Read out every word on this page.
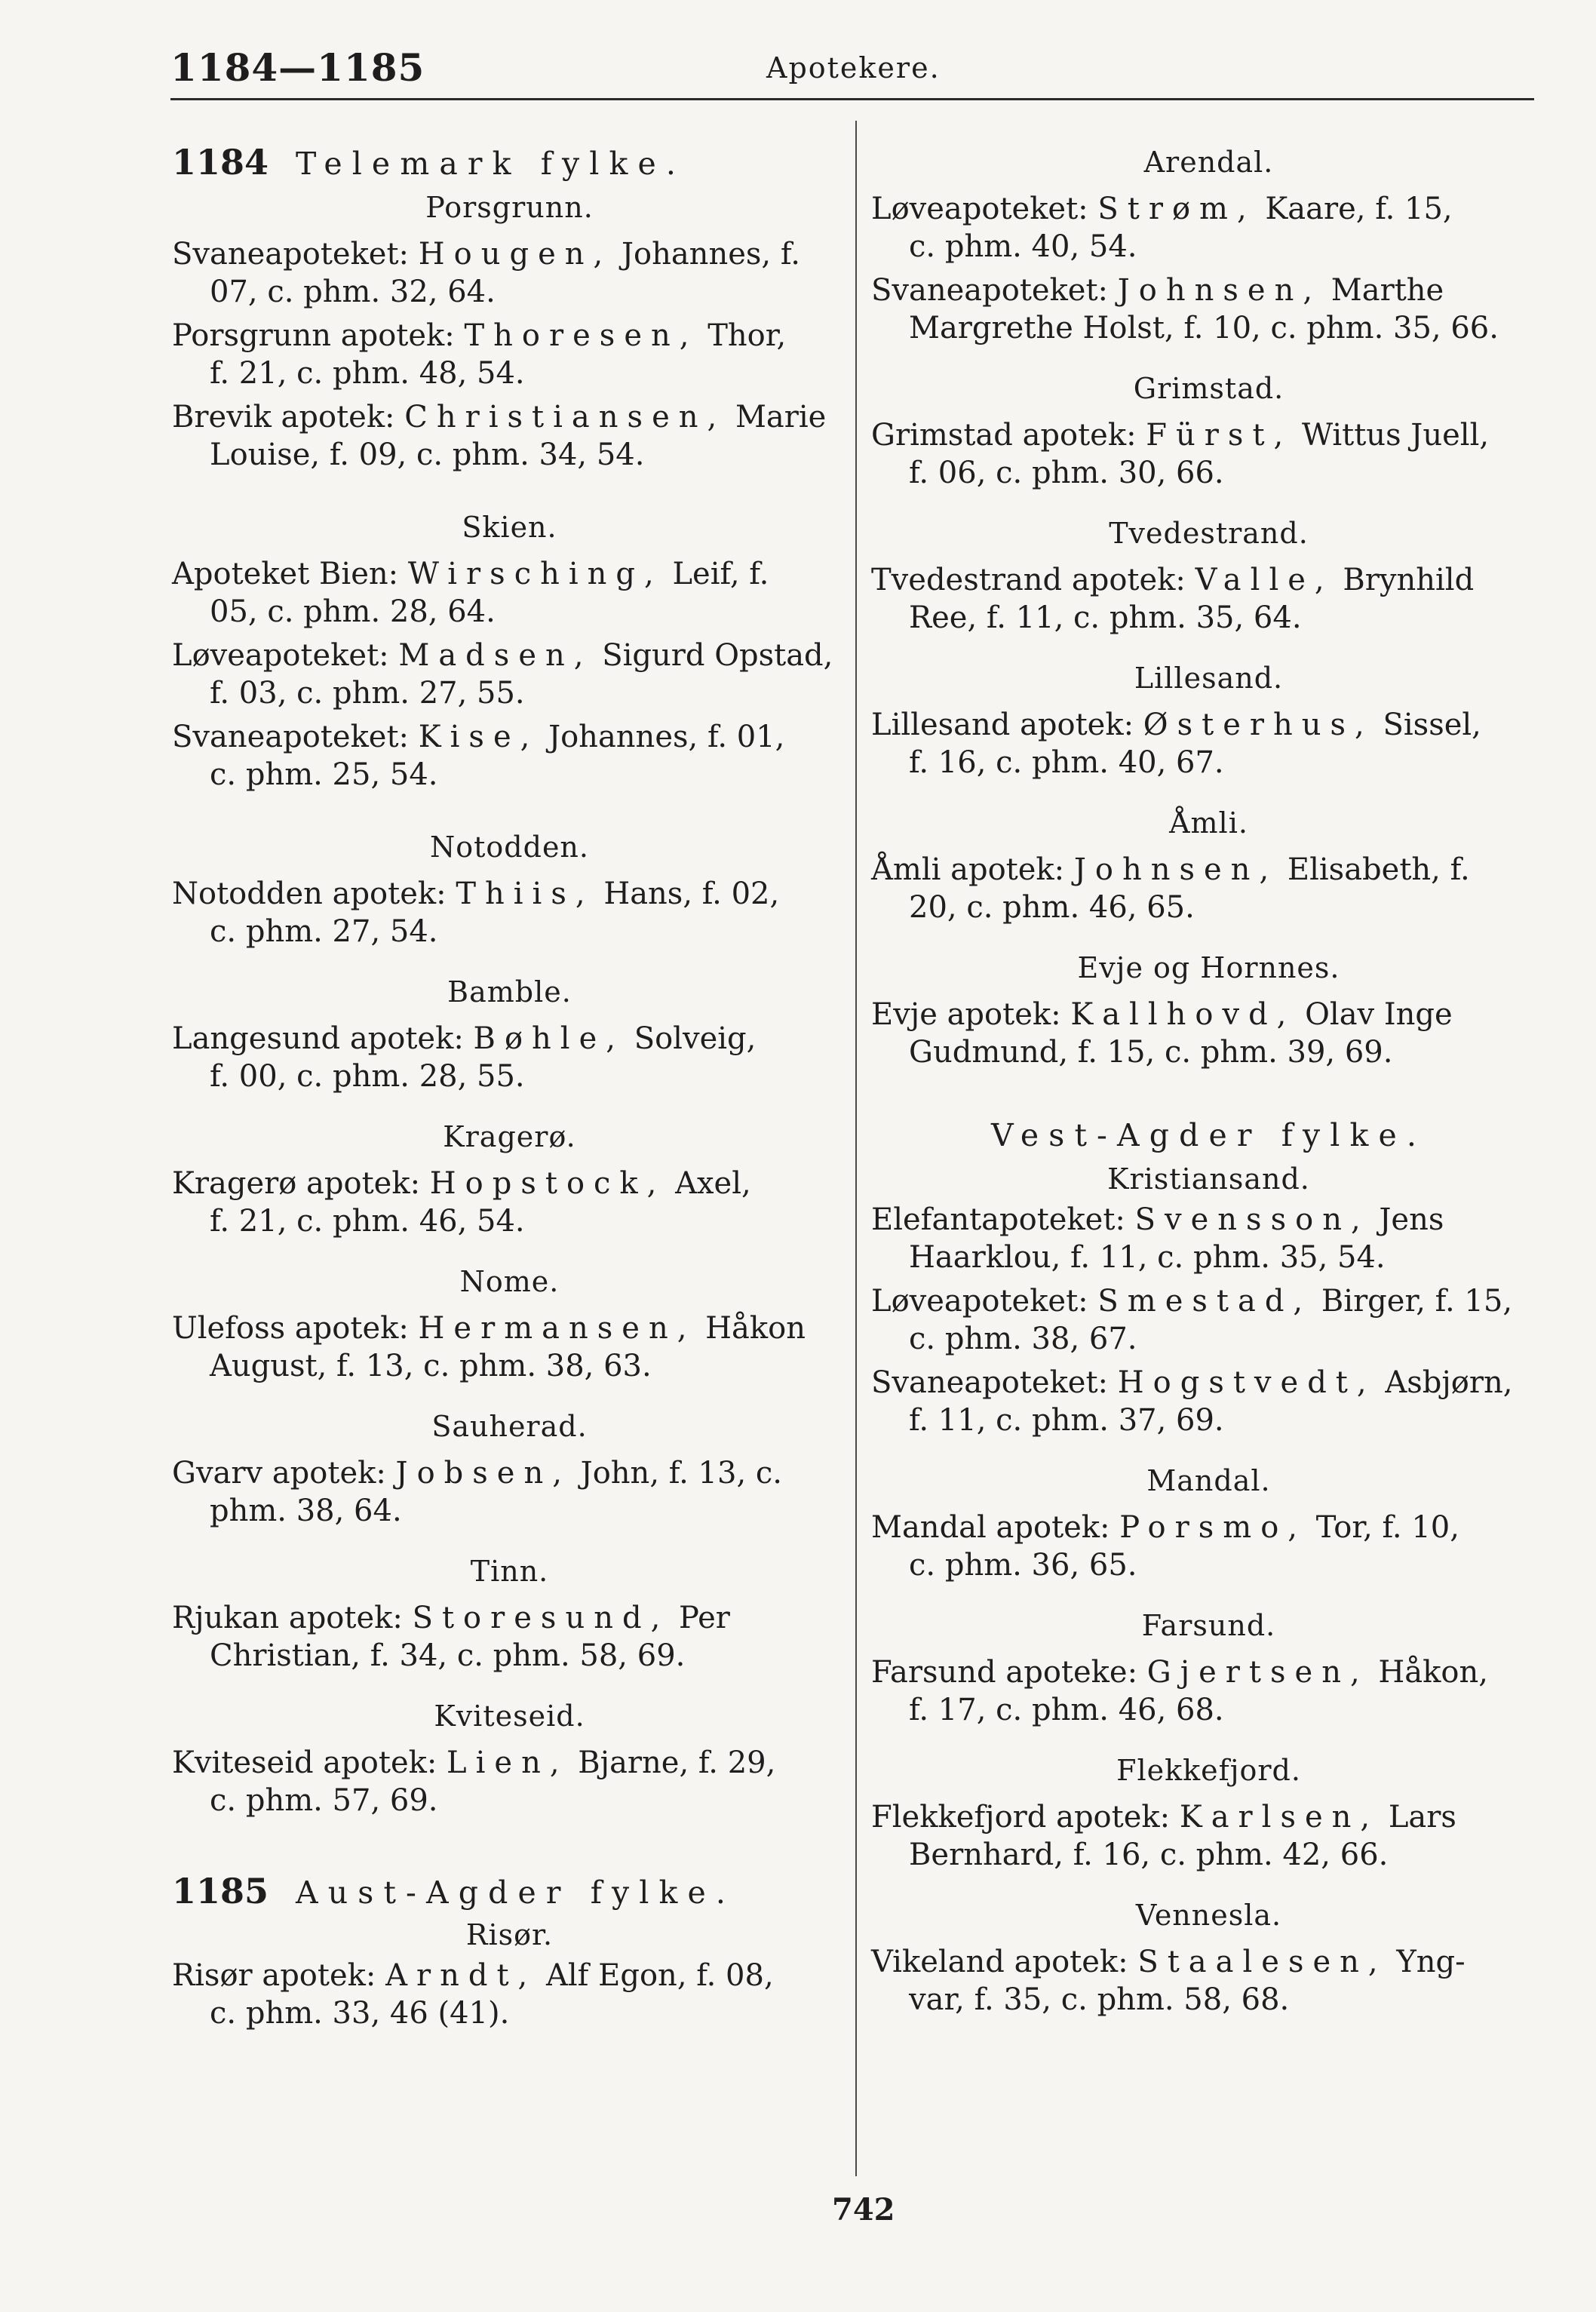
1184—1185	Apotekere.
1184 Telemark fylke.
Porsgrunn.
Svaneapoteket: Hougen, Johannes, f.
07, c. phm. 32, 64.
Porsgrunn apotek: Thoresen, Thor,
f. 21, c. phm. 48, 54.
Brevik apotek: Christiansen, Marie
Louise, f. 09, c. phm. 34, 54.
Skien.
Apoteket Bien: Wirsching, Leif, f.
05, c. phm. 28, 64.
Løveapoteket: Madsen, Sigurd Opstad,
f. 03, c. phm. 27, 55.
Svaneapoteket: Kise, Johannes, f. 01,
c. phm. 25, 54.
Notodden.
Notodden apotek: Thiis, Hans, f. 02,
c. phm. 27, 54.
Bamble.
Langesund apotek: Bøhle, Solveig,
f. 00, c. phm. 28, 55.
Kragerø.
Kragerø apotek: Hopstock, Axel,
f. 21, c. phm. 46, 54.
Nome.
Ulefoss apotek: Hermansen, Håkon
August, f. 13, c. phm. 38, 63.
Sauherad.
Gvarv apotek: Jobsen, John, f. 13, c.
phm. 38, 64.
Tinn.
Rjukan apotek: Storesund, Per
Christian, f. 34, c. phm. 58, 69.
Kviteseid.
Kviteseid apotek: Lien, Bjarne, f. 29,
c. phm. 57, 69.
1185 Aust-Agder fylke.
Risør.
Risør apotek: Arndt, Alf Egon, f. 08,
c. phm. 33, 46 (41).
Arendal.
Løveapoteket: Strøm, Kaare, f. 15,
c. phm. 40, 54.
Svaneapoteket: Johnsen, Marthe
Margrethe Holst, f. 10, c. phm. 35, 66.
Grimstad.
Grimstad apotek: Fürst, Wittus Juell,
f. 06, c. phm. 30, 66.
Tvedestrand.
Tvedestrand apotek: Valle, Brynhild
Ree, f. 11, c. phm. 35, 64.
Lillesand.
Lillesand apotek: Østerhus, Sissel,
f. 16, c. phm. 40, 67.
Åmli.
Åmli apotek: Johnsen, Elisabeth, f.
20, c. phm. 46, 65.
Evje og Hornnes.
Evje apotek: Kallhovd, Olav Inge
Gudmund, f. 15, c. phm. 39, 69.
Vest-Agder fylke.
Kristiansand.
Elefantapoteket: Svensson, Jens
Haarklou, f. 11, c. phm. 35, 54.
Løveapoteket: Smestad, Birger, f. 15,
c. phm. 38, 67.
Svaneapoteket: Hogstvedt, Asbjørn,
f. 11, c. phm. 37, 69.
Mandal.
Mandal apotek: Porsmo, Tor, f. 10,
c. phm. 36, 65.
Farsund.
Farsund apoteke: Gjertsen, Håkon,
f. 17, c. phm. 46, 68.
Flekkefjord.
Flekkefjord apotek: Karlsen, Lars
Bernhard, f. 16, c. phm. 42, 66.
Vennesla.
Vikeland apotek: Staalesen, Yng-
var, f. 35, c. phm. 58, 68.
742
